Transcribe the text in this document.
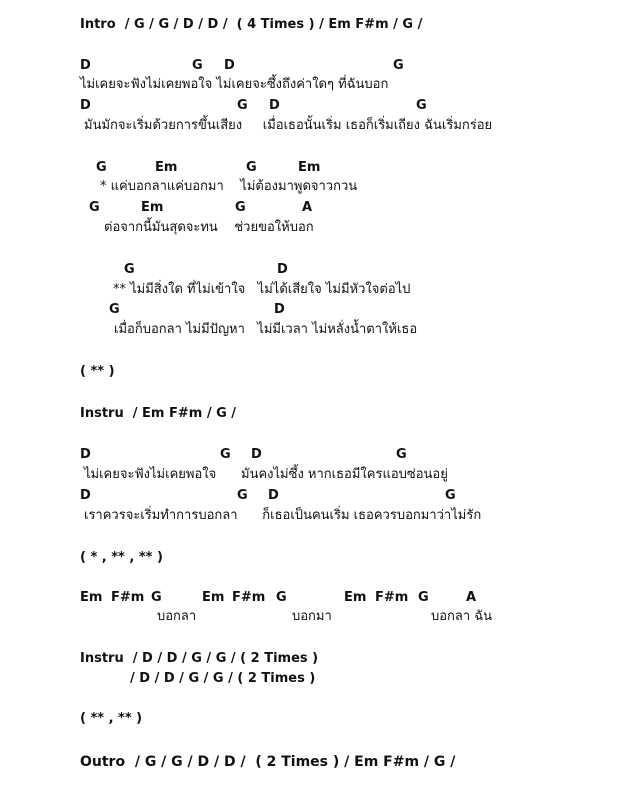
Intro  / G / G / D / D /  ( 4 Times ) / Em F#m / G /
D	G D	G
ไม่เคยจะฟังไม่เคยพอใจ ไม่เคยจะซึ้งถึงค่าใดๆ ที่ฉันบอก
D	G D	G
มันมักจะเริ่มด้วยการขึ้นเสียง     เมื่อเธอนั้นเริ่ม เธอก็เริ่มเถียง ฉันเริ่มกร่อย
G	Em	G	Em
* แค่บอกลาแค่บอกมา    ไม่ต้องมาพูดจาวกวน
G	Em	G	A
ต่อจากนี้มันสุดจะทน    ช่วยขอให้บอก
G	D
** ไม่มีสิ่งใด ที่ไม่เข้าใจ   ไม่ได้เสียใจ ไม่มีหัวใจต่อไป
G	D
เมื่อก็บอกลา ไม่มีปัญหา   ไม่มีเวลา ไม่หลั่งน้ำตาให้เธอ
( ** )
Instru  / Em F#m / G /
D	G D	G
ไม่เคยจะฟังไม่เคยพอใจ      มันคงไม่ซึ้ง หากเธอมีใครแอบซ่อนอยู่
D	G D	G
เราควรจะเริ่มทำการบอกลา      ก็เธอเป็นคนเริ่ม เธอควรบอกมาว่าไม่รัก
( * , ** , ** )
Em F#m G	Em F#m G	Em F#m G	A
บอกลา	บอกมา	บอกลา ฉัน
Instru  / D / D / G / G / ( 2 Times )
/ D / D / G / G / ( 2 Times )
( ** , ** )
Outro  / G / G / D / D /  ( 2 Times ) / Em F#m / G /
